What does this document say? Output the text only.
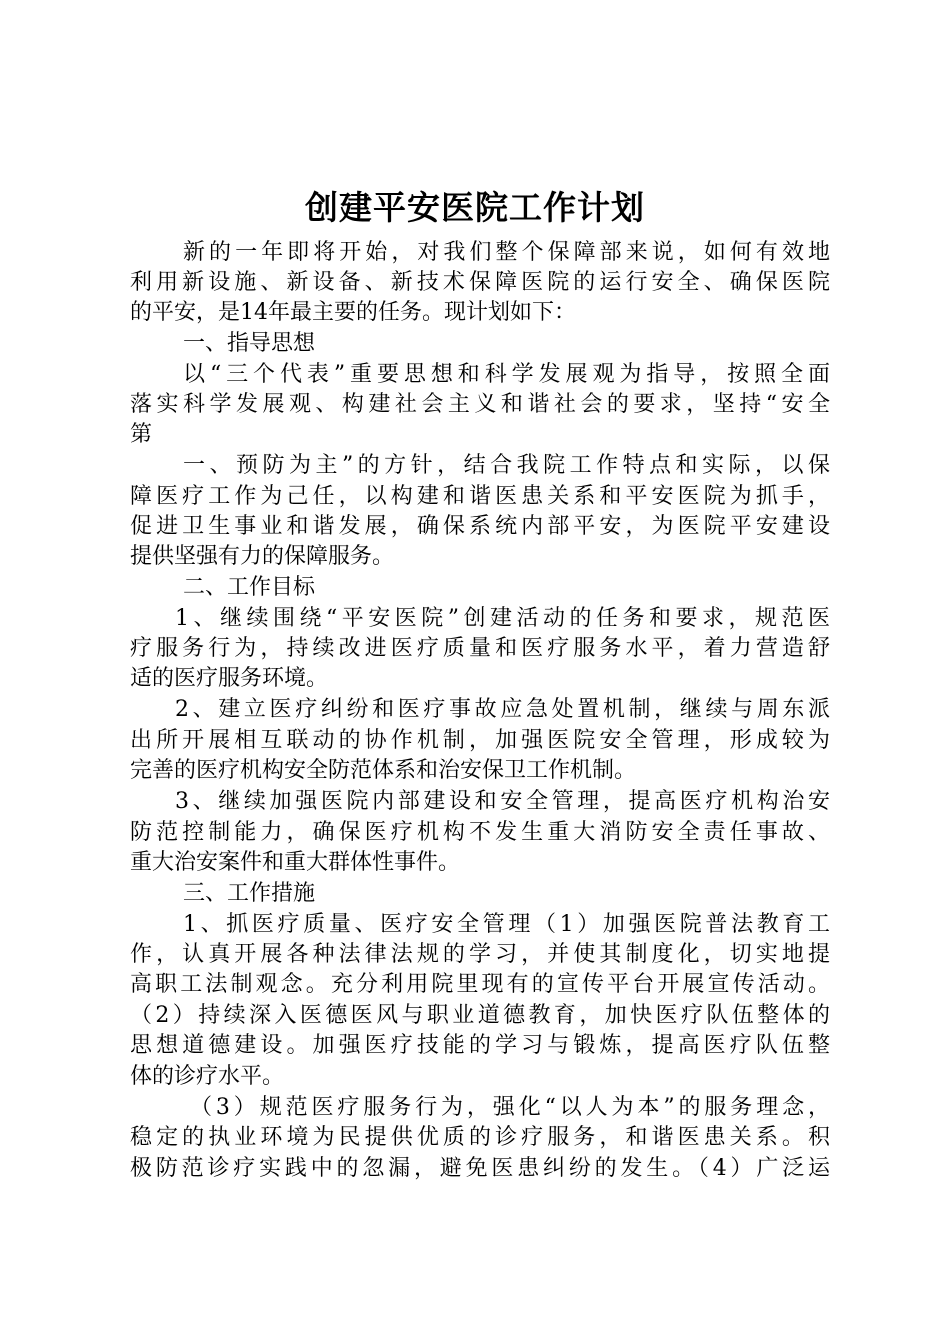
创建平安医院工作计划
新的一年即将开始，对我们整个保障部来说，如何有效地
利用新设施、新设备、新技术保障医院的运行安全、确保医院
的平安，是14年最主要的任务。现计划如下：
一、指导思想
以“三个代表”重要思想和科学发展观为指导，按照全面
落实科学发展观、构建社会主义和谐社会的要求，坚持“安全
第
一、预防为主”的方针，结合我院工作特点和实际，以保
障医疗工作为己任，以构建和谐医患关系和平安医院为抓手，
促进卫生事业和谐发展，确保系统内部平安，为医院平安建设
提供坚强有力的保障服务。
二、工作目标
1、继续围绕“平安医院”创建活动的任务和要求，规范医
疗服务行为，持续改进医疗质量和医疗服务水平，着力营造舒
适的医疗服务环境。
2、建立医疗纠纷和医疗事故应急处置机制，继续与周东派
出所开展相互联动的协作机制，加强医院安全管理，形成较为
完善的医疗机构安全防范体系和治安保卫工作机制。
3、继续加强医院内部建设和安全管理，提高医疗机构治安
防范控制能力，确保医疗机构不发生重大消防安全责任事故、
重大治安案件和重大群体性事件。
三、工作措施
1、抓医疗质量、医疗安全管理（1）加强医院普法教育工
作，认真开展各种法律法规的学习，并使其制度化，切实地提
高职工法制观念。充分利用院里现有的宣传平台开展宣传活动。
（2）持续深入医德医风与职业道德教育，加快医疗队伍整体的
思想道德建设。加强医疗技能的学习与锻炼，提高医疗队伍整
体的诊疗水平。
（3）规范医疗服务行为，强化“以人为本”的服务理念，
稳定的执业环境为民提供优质的诊疗服务，和谐医患关系。积
极防范诊疗实践中的忽漏，避免医患纠纷的发生。（4）广泛运
